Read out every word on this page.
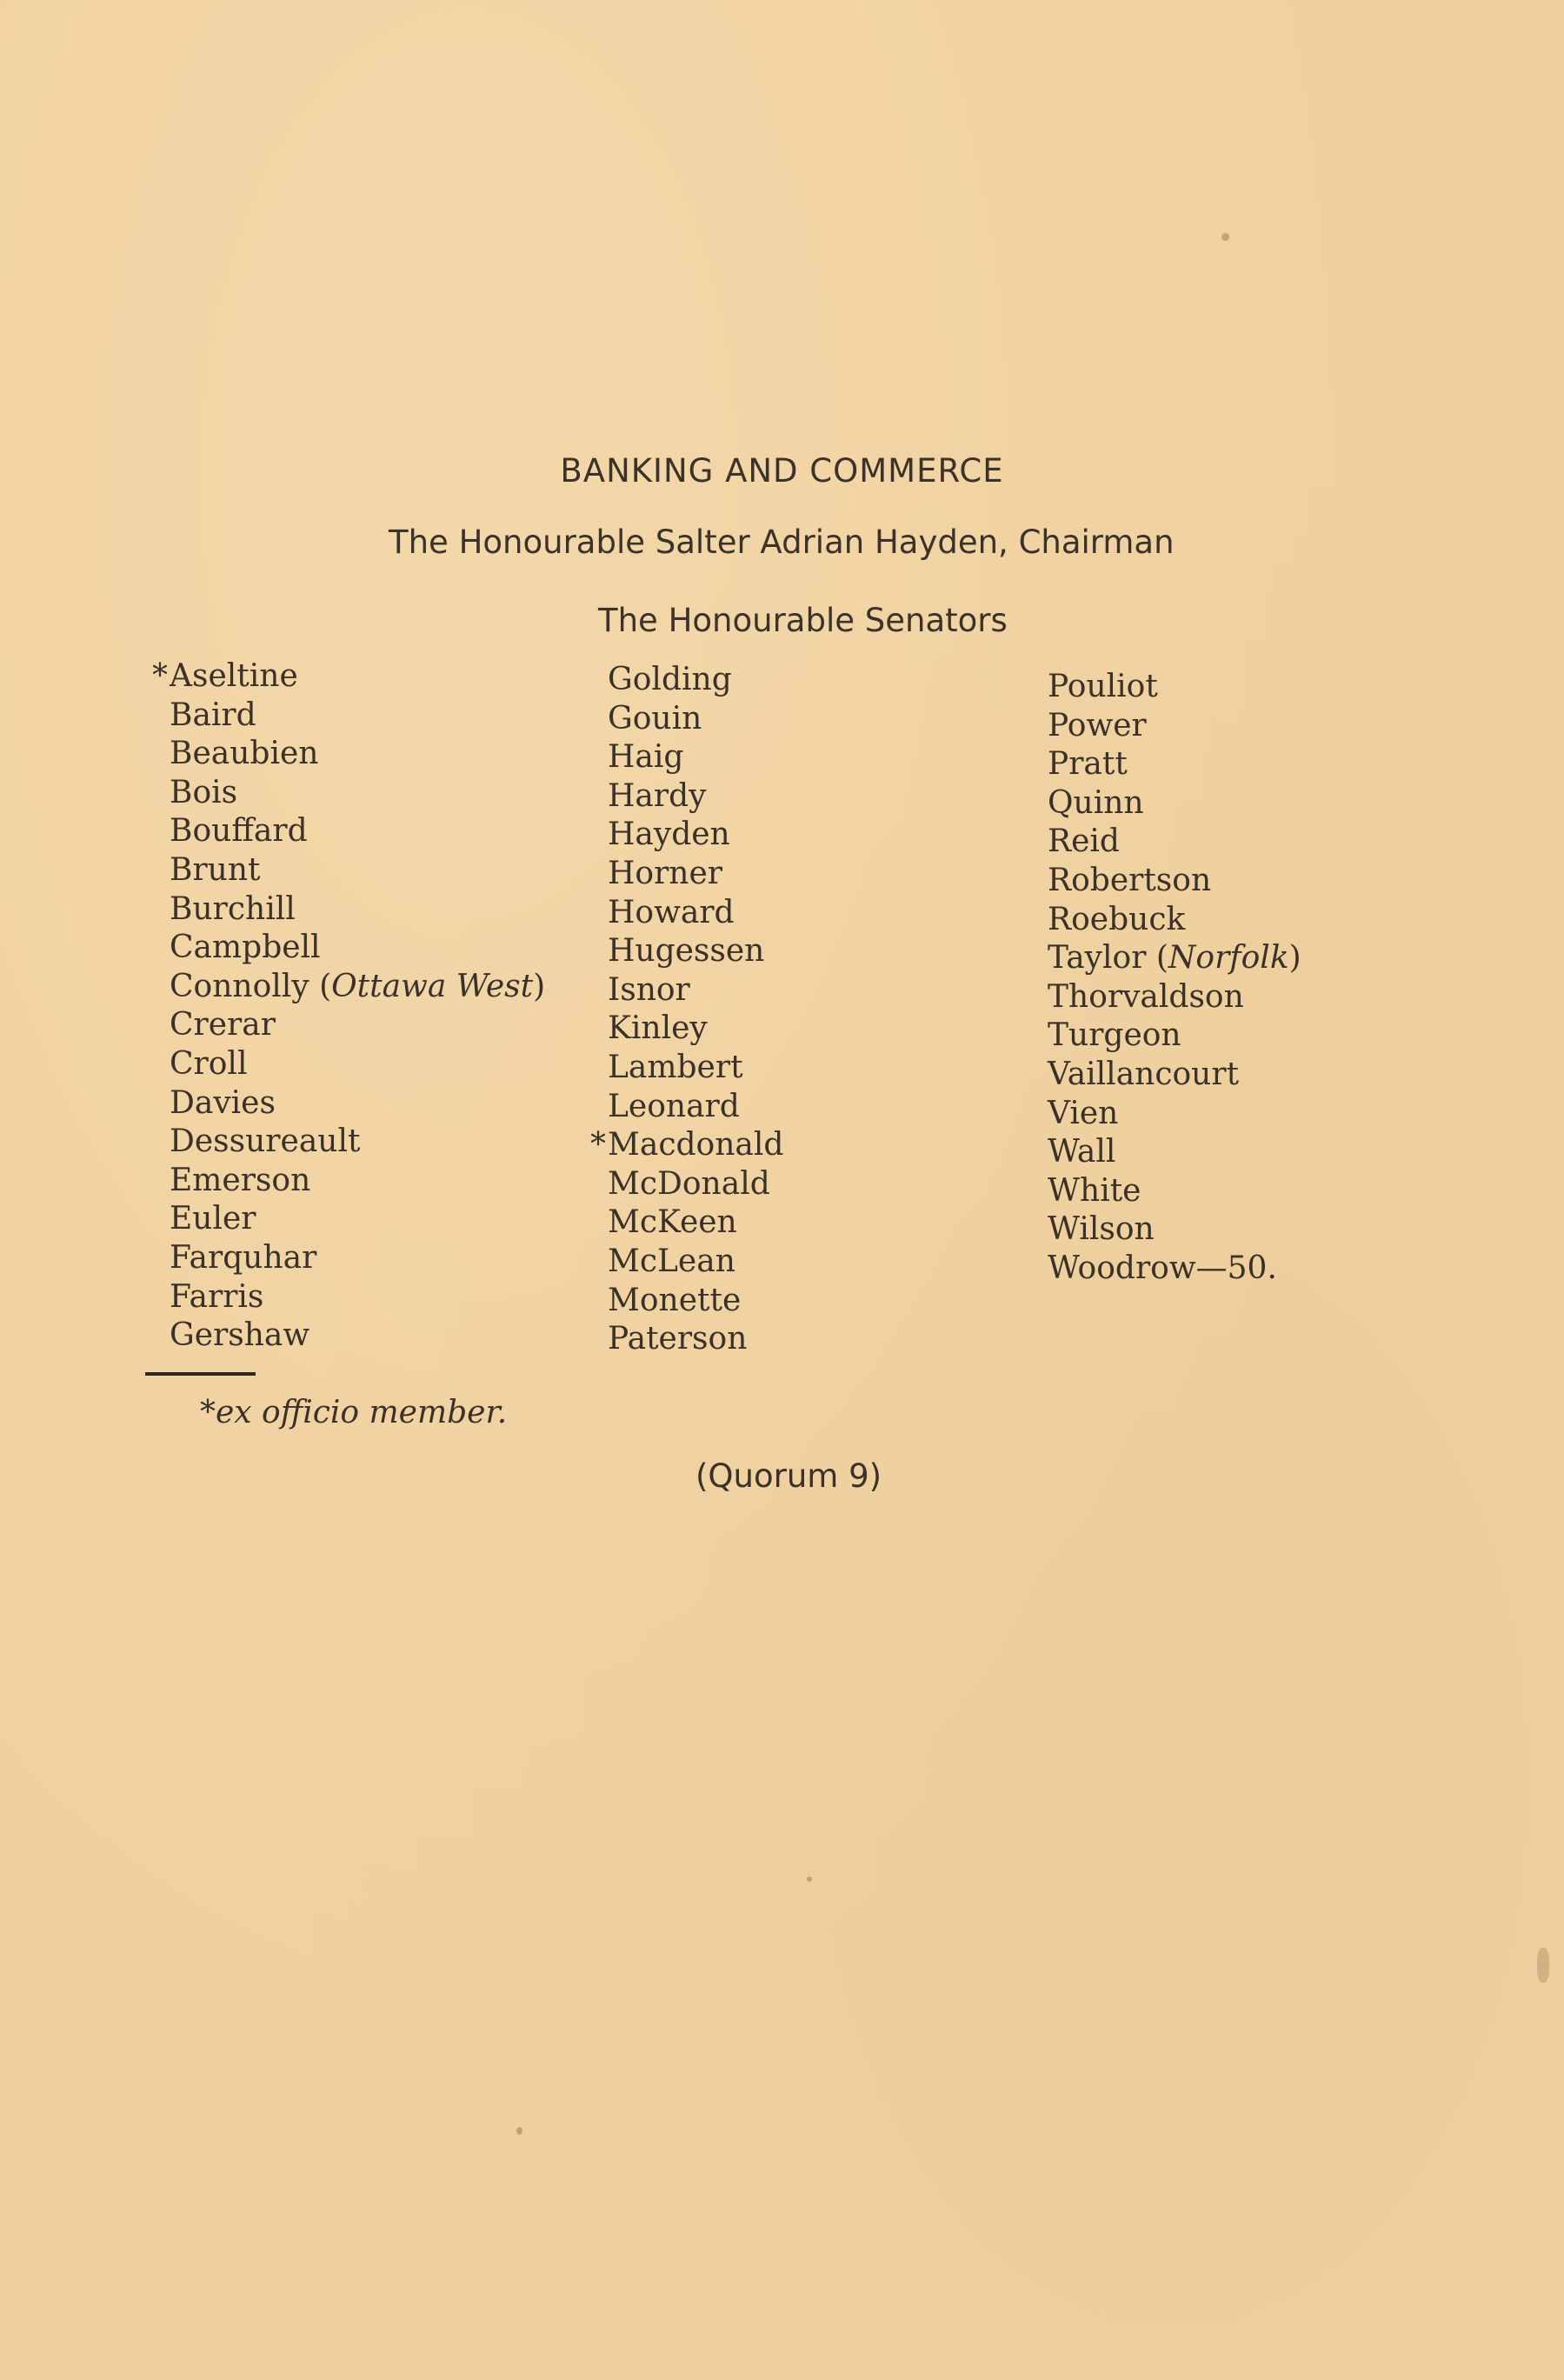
BANKING AND COMMERCE
The Honourable Salter Adrian Hayden, Chairman
The Honourable Senators
* Aseltine
Baird
Beaubien
Bois
Bouffard
Brunt
Burchill
Campbell
Connolly (Ottawa West)
Crerar
Croll
Davies
Dessureault
Emerson
Euler
Farquhar
Farris
Gershaw
Golding
Gouin
Haig
Hardy
Hayden
Horner
Howard
Hugessen
Isnor
Kinley
Lambert
Leonard
* Macdonald
McDonald
McKeen
McLean
Monette
Paterson
Pouliot
Power
Pratt
Quinn
Reid
Robertson
Roebuck
Taylor (Norfolk)
Thorvaldson
Turgeon
Vaillancourt
Vien
Wall
White
Wilson
Woodrow—50.
*ex officio member.
(Quorum 9)
